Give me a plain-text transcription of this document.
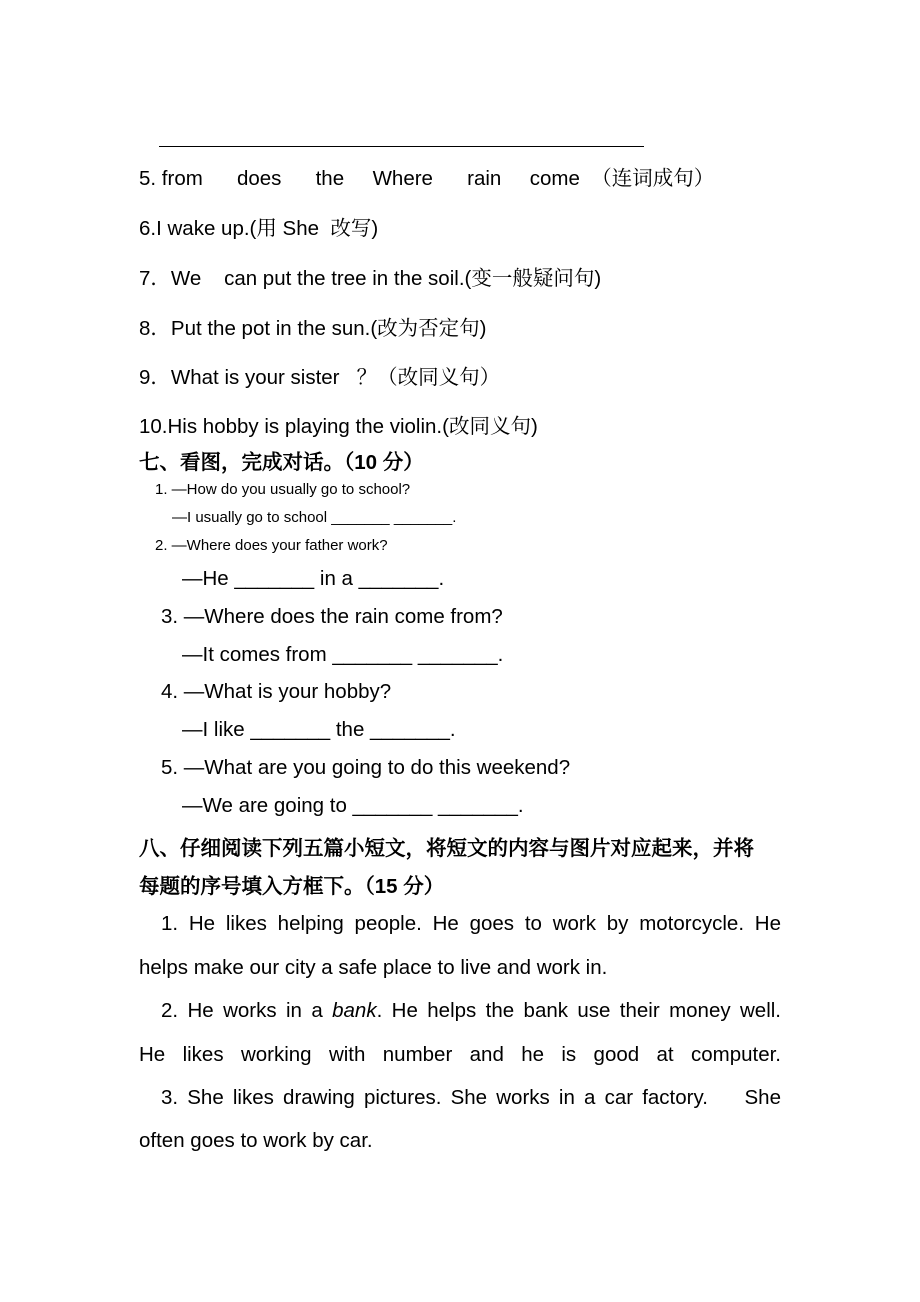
5. from      does      the     Where      rain     come  （连词成句）
6.I wake up.(用 She  改写)
7．We    can put the tree in the soil.(变一般疑问句)
8．Put the pot in the sun.(改为否定句)
9．What is your sister   ？（改同义句）
10.His hobby is playing the violin.(改同义句)
七、看图，完成对话。（10 分）
1. —How do you usually go to school?
—I usually go to school _______ _______.
2. —Where does your father work?
—He _______ in a _______.
3. —Where does the rain come from?
—It comes from _______ _______.
4. —What is your hobby?
—I like _______ the _______.
5. —What are you going to do this weekend?
—We are going to _______ _______.
八、仔细阅读下列五篇小短文，将短文的内容与图片对应起来，并将
每题的序号填入方框下。（15 分）
1. He likes helping people. He goes to work by motorcycle. He
helps make our city a safe place to live and work in.
2. He works in a bank. He helps the bank use their money well.
He likes working with number and he is good at computer.
3. She likes drawing pictures. She works in a car factory.    She
often goes to work by car.
